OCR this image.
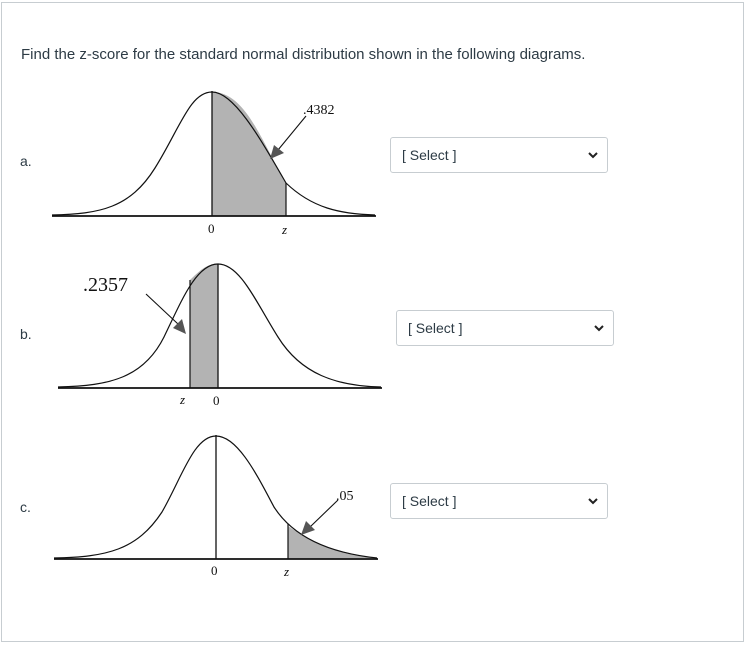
Find the z-score for the standard normal distribution shown in the following diagrams.
a.
.4382
0	z
[ Select ]
b.
.2357
z 0
[ Select ]
c.
.05
0	z
[ Select ]
